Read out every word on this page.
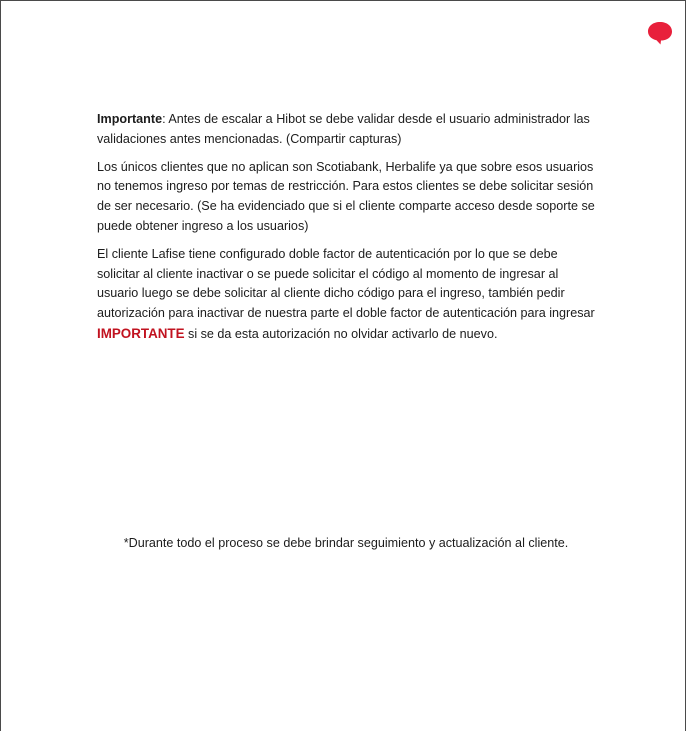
Importante: Antes de escalar a Hibot se debe validar desde el usuario administrador las validaciones antes mencionadas. (Compartir capturas)

Los únicos clientes que no aplican son Scotiabank, Herbalife ya que sobre esos usuarios no tenemos ingreso por temas de restricción. Para estos clientes se debe solicitar sesión de ser necesario. (Se ha evidenciado que si el cliente comparte acceso desde soporte se puede obtener ingreso a los usuarios)

El cliente Lafise tiene configurado doble factor de autenticación por lo que se debe solicitar al cliente inactivar o se puede solicitar el código al momento de ingresar al usuario luego se debe solicitar al cliente dicho código para el ingreso, también pedir autorización para inactivar de nuestra parte el doble factor de autenticación para ingresar IMPORTANTE si se da esta autorización no olvidar activarlo de nuevo.

*Durante todo el proceso se debe brindar seguimiento y actualización al cliente.
